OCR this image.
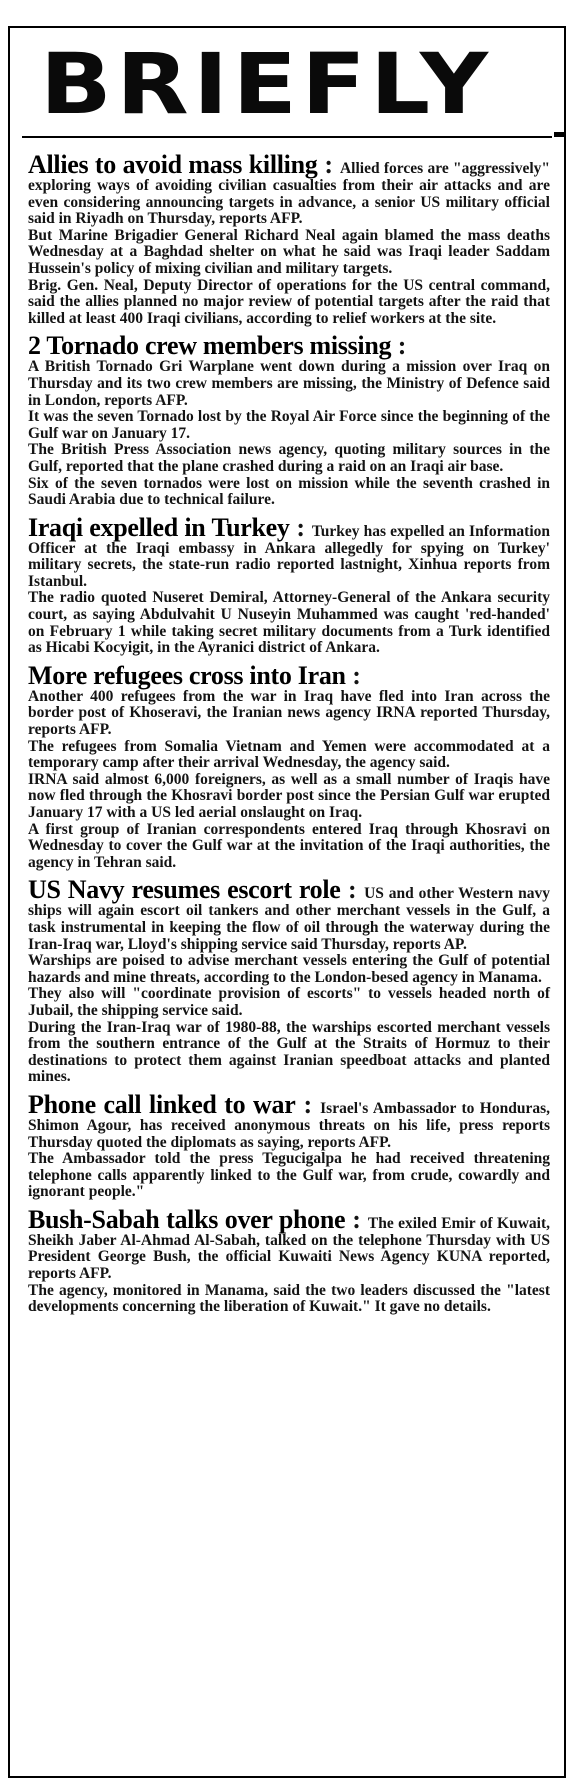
BRIEFLY

Allies to avoid mass killing : Allied forces are "aggressively" exploring ways of avoiding civilian casualties from their air attacks and are even considering announcing targets in advance, a senior US military official said in Riyadh on Thursday, reports AFP.

But Marine Brigadier General Richard Neal again blamed the mass deaths Wednesday at a Baghdad shelter on what he said was Iraqi leader Saddam Hussein's policy of mixing civilian and military targets.

Brig. Gen. Neal, Deputy Director of operations for the US central command, said the allies planned no major review of potential targets after the raid that killed at least 400 Iraqi civilians, according to relief workers at the site.

2 Tornado crew members missing :

A British Tornado Gri Warplane went down during a mission over Iraq on Thursday and its two crew members are missing, the Ministry of Defence said in London, reports AFP.

It was the seven Tornado lost by the Royal Air Force since the beginning of the Gulf war on January 17.

The British Press Association news agency, quoting military sources in the Gulf, reported that the plane crashed during a raid on an Iraqi air base.

Six of the seven tornados were lost on mission while the seventh crashed in Saudi Arabia due to technical failure.

Iraqi expelled in Turkey : Turkey has expelled an Information Officer at the Iraqi embassy in Ankara allegedly for spying on Turkey' military secrets, the state-run radio reported lastnight, Xinhua reports from Istanbul.

The radio quoted Nuseret Demiral, Attorney-General of the Ankara security court, as saying Abdulvahit U Nuseyin Muhammed was caught 'red-handed' on February 1 while taking secret military documents from a Turk identified as Hicabi Kocyigit, in the Ayranici district of Ankara.

More refugees cross into Iran :

Another 400 refugees from the war in Iraq have fled into Iran across the border post of Khoseravi, the Iranian news agency IRNA reported Thursday, reports AFP.

The refugees from Somalia Vietnam and Yemen were accommodated at a temporary camp after their arrival Wednesday, the agency said.

IRNA said almost 6,000 foreigners, as well as a small number of Iraqis have now fled through the Khosravi border post since the Persian Gulf war erupted January 17 with a US led aerial onslaught on Iraq.

A first group of Iranian correspondents entered Iraq through Khosravi on Wednesday to cover the Gulf war at the invitation of the Iraqi authorities, the agency in Tehran said.

US Navy resumes escort role : US and other Western navy ships will again escort oil tankers and other merchant vessels in the Gulf, a task instrumental in keeping the flow of oil through the waterway during the Iran-Iraq war, Lloyd's shipping service said Thursday, reports AP.

Warships are poised to advise merchant vessels entering the Gulf of potential hazards and mine threats, according to the London-besed agency in Manama.

They also will "coordinate provision of escorts" to vessels headed north of Jubail, the shipping service said.

During the Iran-Iraq war of 1980-88, the warships escorted merchant vessels from the southern entrance of the Gulf at the Straits of Hormuz to their destinations to protect them against Iranian speedboat attacks and planted mines.

Phone call linked to war : Israel's Ambassador to Honduras, Shimon Agour, has received anonymous threats on his life, press reports Thursday quoted the diplomats as saying, reports AFP.

The Ambassador told the press Tegucigalpa he had received threatening telephone calls apparently linked to the Gulf war, from crude, cowardly and ignorant people."

Bush-Sabah talks over phone : The exiled Emir of Kuwait, Sheikh Jaber Al-Ahmad Al-Sabah, talked on the telephone Thursday with US President George Bush, the official Kuwaiti News Agency KUNA reported, reports AFP.

The agency, monitored in Manama, said the two leaders discussed the "latest developments concerning the liberation of Kuwait." It gave no details.
